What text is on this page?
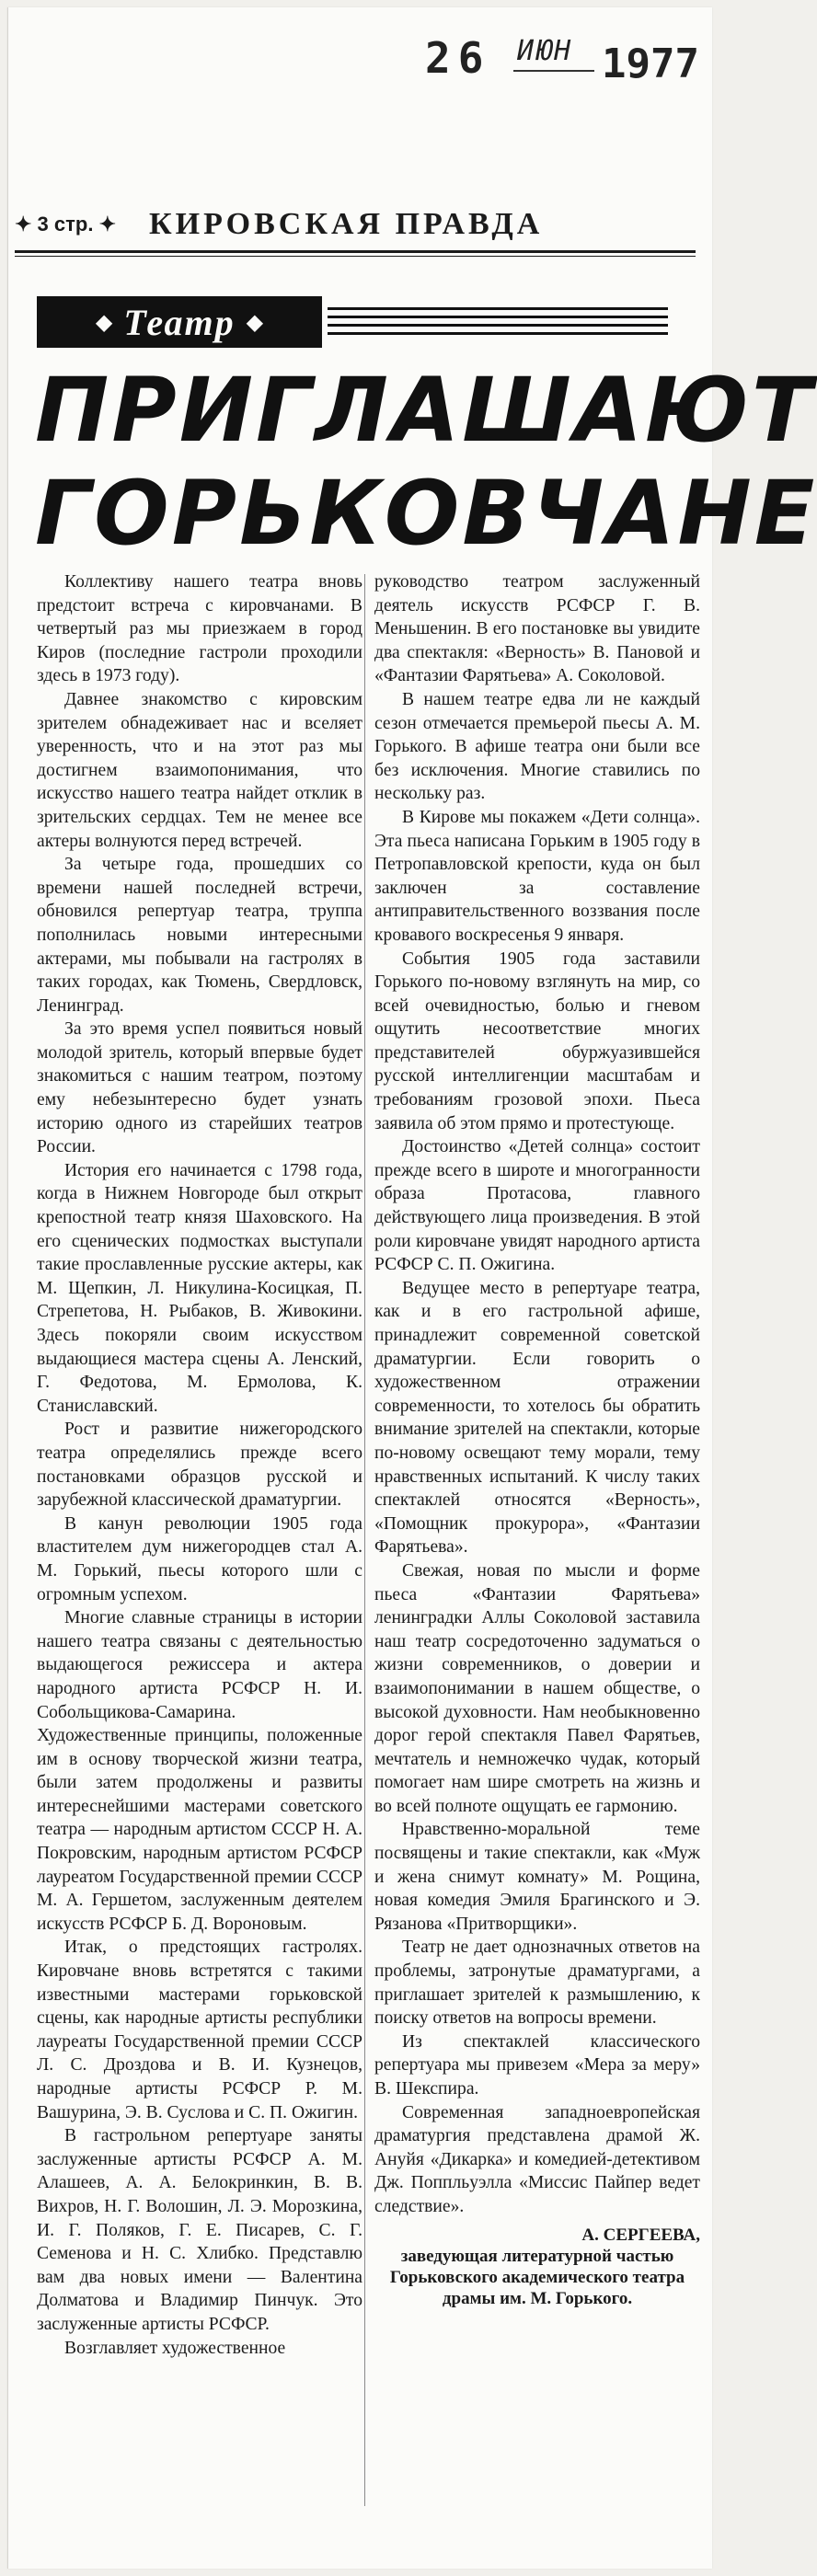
26 ИЮН 1977
✦ 3 стр. ✦ КИРОВСКАЯ ПРАВДА
◆ Театр ◆
ПРИГЛАШАЮТ
ГОРЬКОВЧАНЕ

Коллективу нашего театра вновь предстоит встреча с кировчанами. В четвертый раз мы приезжаем в город Киров (последние гастроли проходили здесь в 1973 году).

Давнее знакомство с кировским зрителем обнадеживает нас и вселяет уверенность, что и на этот раз мы достигнем взаимопонимания, что искусство нашего театра найдет отклик в зрительских сердцах. Тем не менее все актеры волнуются перед встречей.

За четыре года, прошедших со времени нашей последней встречи, обновился репертуар театра, труппа пополнилась новыми интересными актерами, мы побывали на гастролях в таких городах, как Тюмень, Свердловск, Ленинград.

За это время успел появиться новый молодой зритель, который впервые будет знакомиться с нашим театром, поэтому ему небезынтересно будет узнать историю одного из старейших театров России.

История его начинается с 1798 года, когда в Нижнем Новгороде был открыт крепостной театр князя Шаховского. На его сценических подмостках выступали такие прославленные русские актеры, как М. Щепкин, Л. Никулина-Косицкая, П. Стрепетова, Н. Рыбаков, В. Живокини. Здесь покоряли своим искусством выдающиеся мастера сцены А. Ленский, Г. Федотова, М. Ермолова, К. Станиславский.

Рост и развитие нижегородского театра определялись прежде всего постановками образцов русской и зарубежной классической драматургии.

В канун революции 1905 года властителем дум нижегородцев стал А. М. Горький, пьесы которого шли с огромным успехом.

Многие славные страницы в истории нашего театра связаны с деятельностью выдающегося режиссера и актера народного артиста РСФСР Н. И. Собольщикова-Самарина. Художественные принципы, положенные им в основу творческой жизни театра, были затем продолжены и развиты интереснейшими мастерами советского театра — народным артистом СССР Н. А. Покровским, народным артистом РСФСР лауреатом Государственной премии СССР М. А. Гершетом, заслуженным деятелем искусств РСФСР Б. Д. Вороновым.

Итак, о предстоящих гастролях. Кировчане вновь встретятся с такими известными мастерами горьковской сцены, как народные артисты республики лауреаты Государственной премии СССР Л. С. Дроздова и В. И. Кузнецов, народные артисты РСФСР Р. М. Вашурина, Э. В. Суслова и С. П. Ожигин.

В гастрольном репертуаре заняты заслуженные артисты РСФСР А. М. Алашеев, А. А. Белокринкин, В. В. Вихров, Н. Г. Волошин, Л. Э. Морозкина, И. Г. Поляков, Г. Е. Писарев, С. Г. Семенова и Н. С. Хлибко. Представлю вам два новых имени — Валентина Долматова и Владимир Пинчук. Это заслуженные артисты РСФСР.

Возглавляет художественное

руководство театром заслуженный деятель искусств РСФСР Г. В. Меньшенин. В его постановке вы увидите два спектакля: «Верность» В. Пановой и «Фантазии Фарятьева» А. Соколовой.

В нашем театре едва ли не каждый сезон отмечается премьерой пьесы А. М. Горького. В афише театра они были все без исключения. Многие ставились по нескольку раз.

В Кирове мы покажем «Дети солнца». Эта пьеса написана Горьким в 1905 году в Петропавловской крепости, куда он был заключен за составление антиправительственного воззвания после кровавого воскресенья 9 января.

События 1905 года заставили Горького по-новому взглянуть на мир, со всей очевидностью, болью и гневом ощутить несоответствие многих представителей обуржуазившейся русской интеллигенции масштабам и требованиям грозовой эпохи. Пьеса заявила об этом прямо и протестующе.

Достоинство «Детей солнца» состоит прежде всего в широте и многогранности образа Протасова, главного действующего лица произведения. В этой роли кировчане увидят народного артиста РСФСР С. П. Ожигина.

Ведущее место в репертуаре театра, как и в его гастрольной афише, принадлежит современной советской драматургии. Если говорить о художественном отражении современности, то хотелось бы обратить внимание зрителей на спектакли, которые по-новому освещают тему морали, тему нравственных испытаний. К числу таких спектаклей относятся «Верность», «Помощник прокурора», «Фантазии Фарятьева».

Свежая, новая по мысли и форме пьеса «Фантазии Фарятьева» ленинградки Аллы Соколовой заставила наш театр сосредоточенно задуматься о жизни современников, о доверии и взаимопонимании в нашем обществе, о высокой духовности. Нам необыкновенно дорог герой спектакля Павел Фарятьев, мечтатель и немножечко чудак, который помогает нам шире смотреть на жизнь и во всей полноте ощущать ее гармонию.

Нравственно-моральной теме посвящены и такие спектакли, как «Муж и жена снимут комнату» М. Рощина, новая комедия Эмиля Брагинского и Э. Рязанова «Притворщики».

Театр не дает однозначных ответов на проблемы, затронутые драматургами, а приглашает зрителей к размышлению, к поиску ответов на вопросы времени.

Из спектаклей классического репертуара мы привезем «Мера за меру» В. Шекспира.

Современная западноевропейская драматургия представлена драмой Ж. Ануйя «Дикарка» и комедией-детективом Дж. Поппльуэлла «Миссис Пайпер ведет следствие».

А. СЕРГЕЕВА,
заведующая литературной частью Горьковского академического театра драмы им. М. Горького.
